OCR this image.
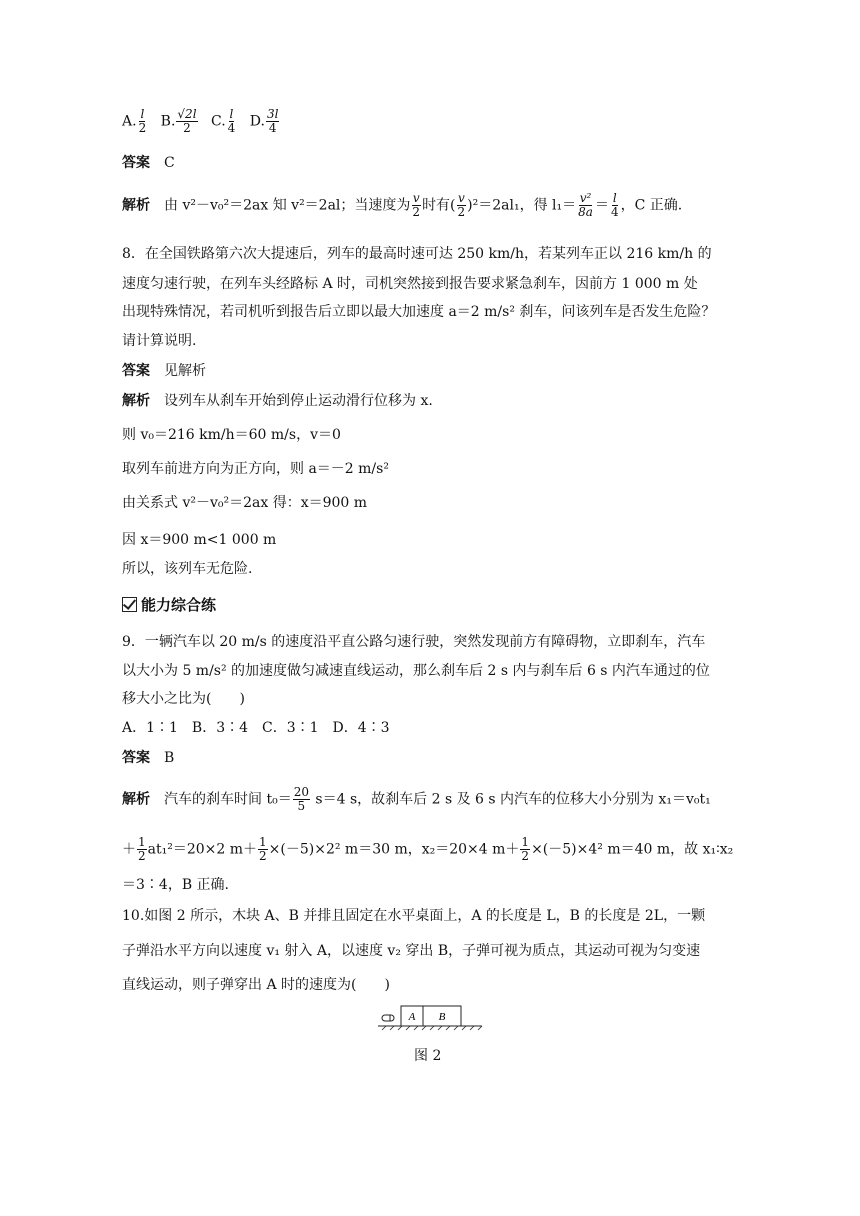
A. $\frac{l}{2} B$. $\frac{√2l}{2} C$. $\frac{l}{4} D$. $\frac{3l}{4}$
答案　 C
解析　 由 v²－v₀²＝2ax 知 v²＝2al；当速度为 $\frac{v}{2}$ 时有( $\frac{v}{2} )^2=2al_1$，得 $l_1= \frac{\text{v²}}{8a} = \frac{l}{4}$ ，C 正确.
8．在全国铁路第六次大提速后，列车的最高时速可达 250 km/h，若某列车正以 216 km/h 的
速度匀速行驶，在列车头经路标 A 时，司机突然接到报告要求紧急刹车，因前方 1 000 m 处
出现特殊情况，若司机听到报告后立即以最大加速度 a＝2 m/s² 刹车，问该列车是否发生危险？
请计算说明.
答案　 见解析
解析　 设列车从刹车开始到停止运动滑行位移为 x.
则 v₀＝216 km/h＝60 m/s，v＝0
取列车前进方向为正方向，则 a＝－2 m/s²
由关系式 v²－v₀²＝2ax 得：x＝900 m
因 x＝900 m<1 000 m
所以，该列车无危险.
能力综合练
9．一辆汽车以 20 m/s 的速度沿平直公路匀速行驶，突然发现前方有障碍物，立即刹车，汽车
以大小为 5 m/s² 的加速度做匀减速直线运动，那么刹车后 2 s 内与刹车后 6 s 内汽车通过的位
移大小之比为(　　)
A．1∶1　B．3∶4　C．3∶1　D．4∶3
答案　 B
解析　 汽车的刹车时间 $t_0= \frac{20}{5} s=4$ s，故刹车后 2 s 及 6 s 内汽车的位移大小分别为 x₁＝v₀t₁
＋ $\frac{1}{2} at_1^2=20\times 2$ $m+ \frac{1}{2} \times(-5)\times 2^2$ m＝30 m，x₂＝20×4 $m+ \frac{1}{2} \times(-5)\times 4^2$ m＝40 m，故 x₁∶x₂
＝3∶4，B 正确.
10.如图 2 所示，木块 A、B 并排且固定在水平桌面上，A 的长度是 L，B 的长度是 2L，一颗
子弹沿水平方向以速度 v₁ 射入 A，以速度 v₂ 穿出 B，子弹可视为质点，其运动可视为匀变速
直线运动，则子弹穿出 A 时的速度为(　　)
A B
图 2
